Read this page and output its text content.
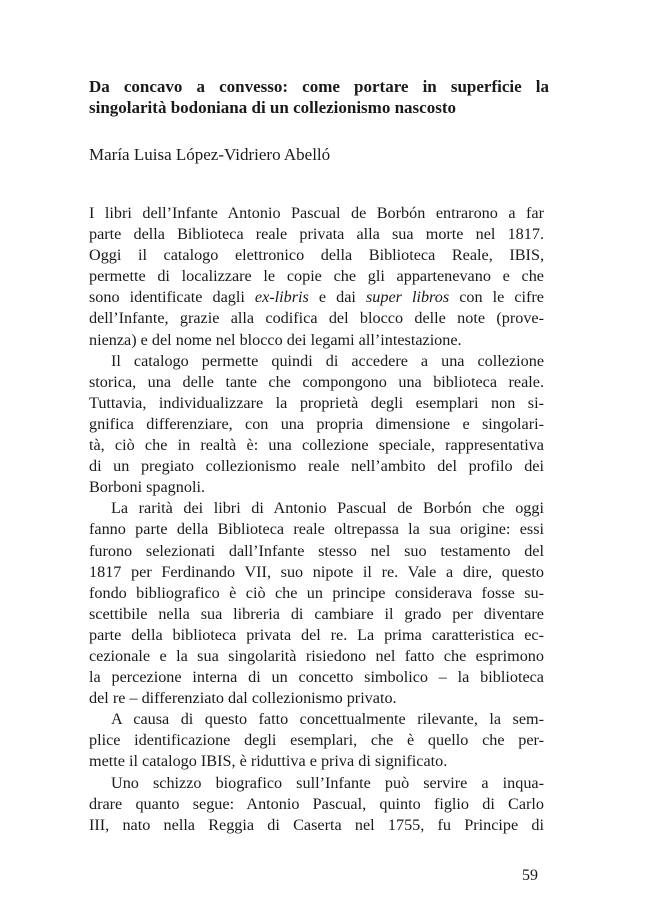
Da concavo a convesso: come portare in superficie la
singolarità bodoniana di un collezionismo nascosto

María Luisa López-Vidriero Abelló

I libri dell’Infante Antonio Pascual de Borbón entrarono a far
parte della Biblioteca reale privata alla sua morte nel 1817.
Oggi il catalogo elettronico della Biblioteca Reale, IBIS,
permette di localizzare le copie che gli appartenevano e che
sono identificate dagli ex-libris e dai super libros con le cifre
dell’Infante, grazie alla codifica del blocco delle note (prove-
nienza) e del nome nel blocco dei legami all’intestazione.
Il catalogo permette quindi di accedere a una collezione
storica, una delle tante che compongono una biblioteca reale.
Tuttavia, individualizzare la proprietà degli esemplari non si-
gnifica differenziare, con una propria dimensione e singolari-
tà, ciò che in realtà è: una collezione speciale, rappresentativa
di un pregiato collezionismo reale nell’ambito del profilo dei
Borboni spagnoli.
La rarità dei libri di Antonio Pascual de Borbón che oggi
fanno parte della Biblioteca reale oltrepassa la sua origine: essi
furono selezionati dall’Infante stesso nel suo testamento del
1817 per Ferdinando VII, suo nipote il re. Vale a dire, questo
fondo bibliografico è ciò che un principe considerava fosse su-
scettibile nella sua libreria di cambiare il grado per diventare
parte della biblioteca privata del re. La prima caratteristica ec-
cezionale e la sua singolarità risiedono nel fatto che esprimono
la percezione interna di un concetto simbolico – la biblioteca
del re – differenziato dal collezionismo privato.
A causa di questo fatto concettualmente rilevante, la sem-
plice identificazione degli esemplari, che è quello che per-
mette il catalogo IBIS, è riduttiva e priva di significato.
Uno schizzo biografico sull’Infante può servire a inqua-
drare quanto segue: Antonio Pascual, quinto figlio di Carlo
III, nato nella Reggia di Caserta nel 1755, fu Principe di
59
